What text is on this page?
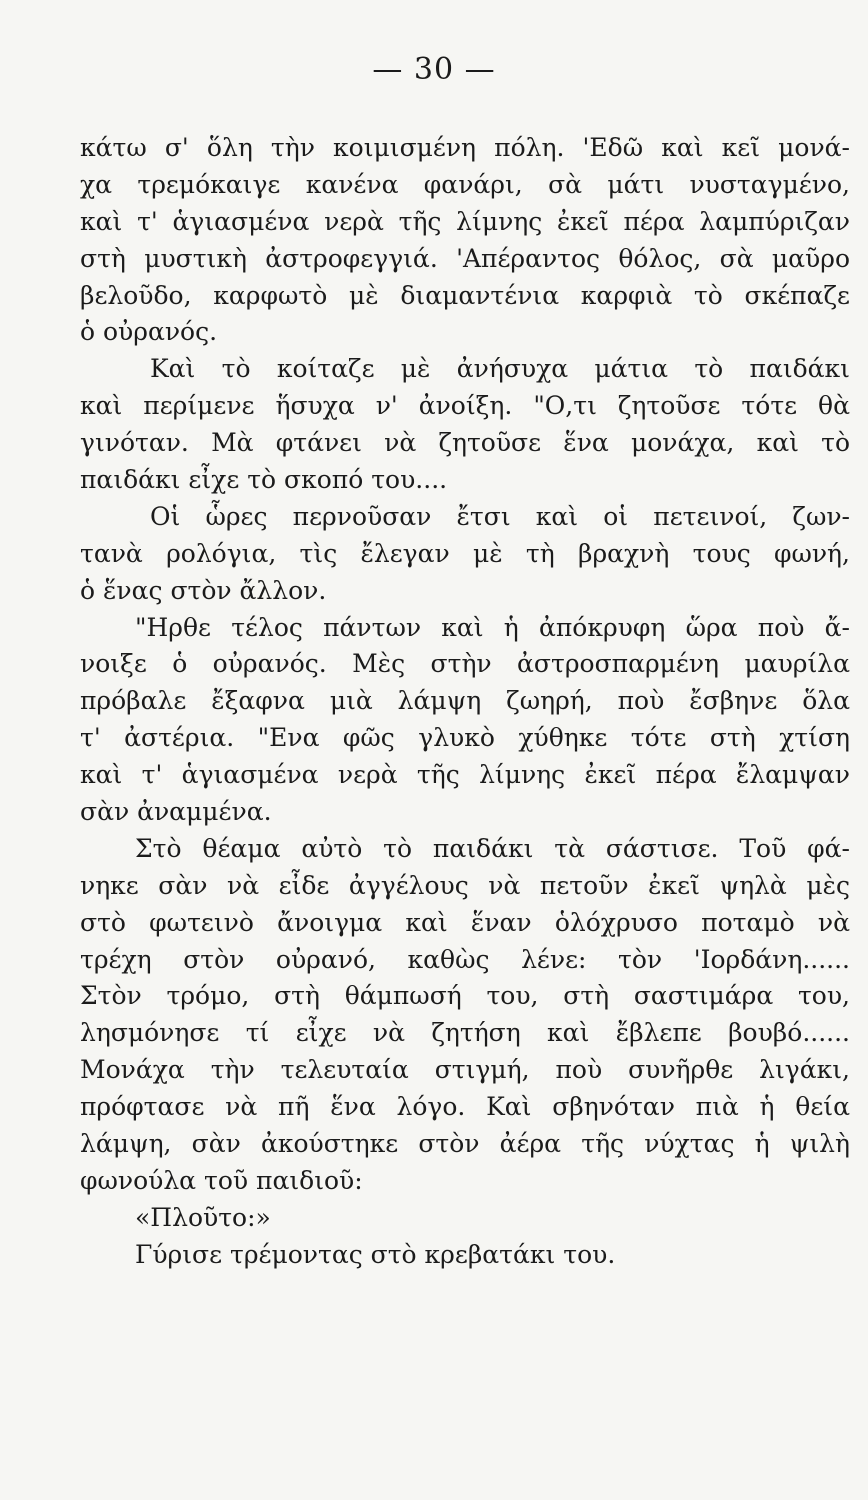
— 30 —
κάτω σ' ὅλη τὴν κοιμισμένη πόλη. 'Εδῶ καὶ κεῖ μονά-
χα τρεμόκαιγε κανένα φανάρι, σὰ μάτι νυσταγμένο,
καὶ τ' ἁγιασμένα νερὰ τῆς λίμνης ἐκεῖ πέρα λαμπύριζαν
στὴ μυστικὴ ἀστροφεγγιά. 'Απέραντος θόλος, σὰ μαῦρο
βελοῦδο, καρφωτὸ μὲ διαμαντένια καρφιὰ τὸ σκέπαζε
ὁ οὐρανός.
Καὶ τὸ κοίταζε μὲ ἀνήσυχα μάτια τὸ παιδάκι
καὶ περίμενε ἥσυχα ν' ἀνοίξη. "Ο,τι ζητοῦσε τότε θὰ
γινόταν. Μὰ φτάνει νὰ ζητοῦσε ἕνα μονάχα, καὶ τὸ
παιδάκι εἶχε τὸ σκοπό του....
Οἱ ὧρες περνοῦσαν ἔτσι καὶ οἱ πετεινοί, ζων-
τανὰ ρολόγια, τὶς ἔλεγαν μὲ τὴ βραχνὴ τους φωνή,
ὁ ἕνας στὸν ἄλλον.
"Ηρθε τέλος πάντων καὶ ἡ ἀπόκρυφη ὥρα ποὺ ἄ-
νοιξε ὁ οὐρανός. Μὲς στὴν ἀστροσπαρμένη μαυρίλα
πρόβαλε ἔξαφνα μιὰ λάμψη ζωηρή, ποὺ ἔσβηνε ὅλα
τ' ἀστέρια. "Ενα φῶς γλυκὸ χύθηκε τότε στὴ χτίση
καὶ τ' ἁγιασμένα νερὰ τῆς λίμνης ἐκεῖ πέρα ἔλαμψαν
σὰν ἀναμμένα.
Στὸ θέαμα αὐτὸ τὸ παιδάκι τὰ σάστισε. Τοῦ φά-
νηκε σὰν νὰ εἶδε ἀγγέλους νὰ πετοῦν ἐκεῖ ψηλὰ μὲς
στὸ φωτεινὸ ἄνοιγμα καὶ ἕναν ὁλόχρυσο ποταμὸ νὰ
τρέχη στὸν οὐρανό, καθὼς λένε: τὸν 'Ιορδάνη......
Στὸν τρόμο, στὴ θάμπωσή του, στὴ σαστιμάρα του,
λησμόνησε τί εἶχε νὰ ζητήση καὶ ἔβλεπε βουβό......
Μονάχα τὴν τελευταία στιγμή, ποὺ συνῆρθε λιγάκι,
πρόφτασε νὰ πῆ ἕνα λόγο. Καὶ σβηνόταν πιὰ ἡ θεία
λάμψη, σὰν ἀκούστηκε στὸν ἀέρα τῆς νύχτας ἡ ψιλὴ
φωνούλα τοῦ παιδιοῦ:
«Πλοῦτο:»
Γύρισε τρέμοντας στὸ κρεβατάκι του.
